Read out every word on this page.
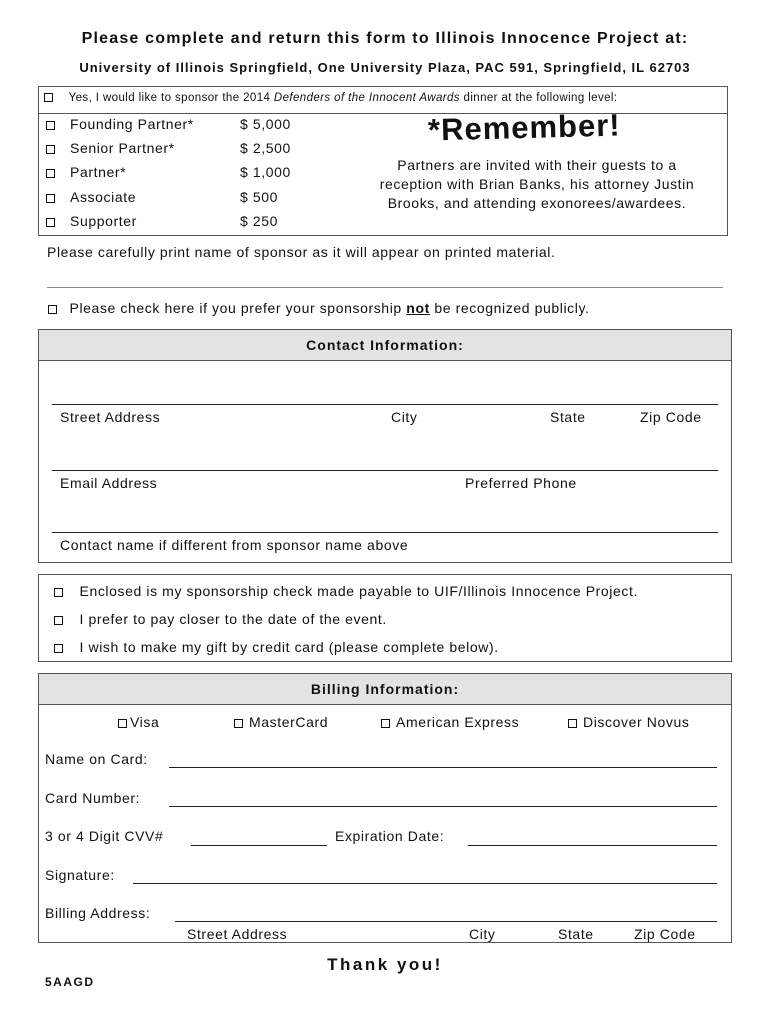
Please complete and return this form to Illinois Innocence Project at:
University of Illinois Springfield, One University Plaza, PAC 591, Springfield, IL 62703
Yes, I would like to sponsor the 2014 Defenders of the Innocent Awards dinner at the following level:
Founding Partner*	$ 5,000
Senior Partner*	$ 2,500
Partner*	$ 1,000
Associate	$ 500
Supporter	$ 250
*Remember!
Partners are invited with their guests to a reception with Brian Banks, his attorney Justin Brooks, and attending exonorees/awardees.
Please carefully print name of sponsor as it will appear on printed material.
Please check here if you prefer your sponsorship not be recognized publicly.
Contact Information:
Street Address	City	State	Zip Code
Email Address	Preferred Phone
Contact name if different from sponsor name above
Enclosed is my sponsorship check made payable to UIF/Illinois Innocence Project.
I prefer to pay closer to the date of the event.
I wish to make my gift by credit card (please complete below).
Billing Information:
Visa	MasterCard	American Express	Discover Novus
Name on Card:
Card Number:
3 or 4 Digit CVV#	Expiration Date:
Signature:
Billing Address:
Street Address	City	State	Zip Code
Thank you!
5AAGD
